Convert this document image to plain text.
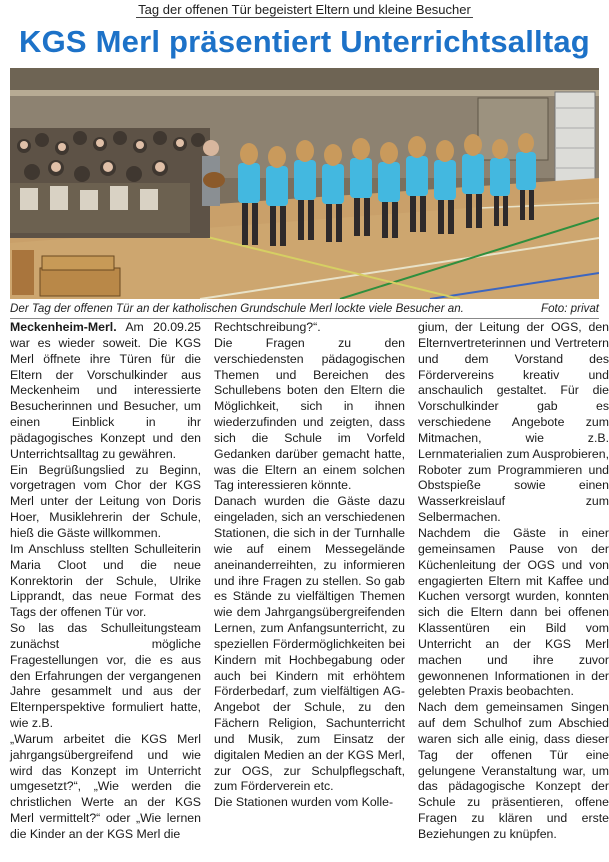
Tag der offenen Tür begeistert Eltern und kleine Besucher
KGS Merl präsentiert Unterrichtsalltag
Der Tag der offenen Tür an der katholischen Grundschule Merl lockte viele Besucher an.	Foto: privat

Meckenheim-Merl. Am 20.09.25 war es wieder soweit. Die KGS Merl öffnete ihre Türen für die Eltern der Vorschulkinder aus Meckenheim und interessierte Besucherinnen und Besucher, um einen Einblick in ihr pädagogisches Konzept und den Unterrichtsalltag zu gewähren.

Ein Begrüßungslied zu Beginn, vorgetragen vom Chor der KGS Merl unter der Leitung von Doris Hoer, Musiklehrerin der Schule, hieß die Gäste willkommen.

Im Anschluss stellten Schulleiterin Maria Cloot und die neue Konrektorin der Schule, Ulrike Lipprandt, das neue Format des Tags der offenen Tür vor.

So las das Schulleitungsteam zunächst mögliche Fragestellungen vor, die es aus den Erfahrungen der vergangenen Jahre gesammelt und aus der Elternperspektive formuliert hatte, wie z.B.

„Warum arbeitet die KGS Merl jahrgangsübergreifend und wie wird das Konzept im Unterricht umgesetzt?“, „Wie werden die christlichen Werte an der KGS Merl vermittelt?“ oder „Wie lernen die Kinder an der KGS Merl die

Rechtschreibung?“.

Die Fragen zu den verschiedensten pädagogischen Themen und Bereichen des Schullebens boten den Eltern die Möglichkeit, sich in ihnen wiederzufinden und zeigten, dass sich die Schule im Vorfeld Gedanken darüber gemacht hatte, was die Eltern an einem solchen Tag interessieren könnte.

Danach wurden die Gäste dazu eingeladen, sich an verschiedenen Stationen, die sich in der Turnhalle wie auf einem Messegelände aneinanderreihten, zu informieren und ihre Fragen zu stellen. So gab es Stände zu vielfältigen Themen wie dem Jahrgangsübergreifenden Lernen, zum Anfangsunterricht, zu speziellen Fördermöglichkeiten bei Kindern mit Hochbegabung oder auch bei Kindern mit erhöhtem Förderbedarf, zum vielfältigen AG-Angebot der Schule, zu den Fächern Religion, Sachunterricht und Musik, zum Einsatz der digitalen Medien an der KGS Merl, zur OGS, zur Schulpflegschaft, zum Förderverein etc.

Die Stationen wurden vom Kolle-

gium, der Leitung der OGS, den Elternvertreterinnen und Vertretern und dem Vorstand des Fördervereins kreativ und anschaulich gestaltet. Für die Vorschulkinder gab es verschiedene Angebote zum Mitmachen, wie z.B. Lernmaterialien zum Ausprobieren, Roboter zum Programmieren und Obstspieße sowie einen Wasserkreislauf zum Selbermachen.

Nachdem die Gäste in einer gemeinsamen Pause von der Küchenleitung der OGS und von engagierten Eltern mit Kaffee und Kuchen versorgt wurden, konnten sich die Eltern dann bei offenen Klassentüren ein Bild vom Unterricht an der KGS Merl machen und ihre zuvor gewonnenen Informationen in der gelebten Praxis beobachten.

Nach dem gemeinsamen Singen auf dem Schulhof zum Abschied waren sich alle einig, dass dieser Tag der offenen Tür eine gelungene Veranstaltung war, um das pädagogische Konzept der Schule zu präsentieren, offene Fragen zu klären und erste Beziehungen zu knüpfen.
